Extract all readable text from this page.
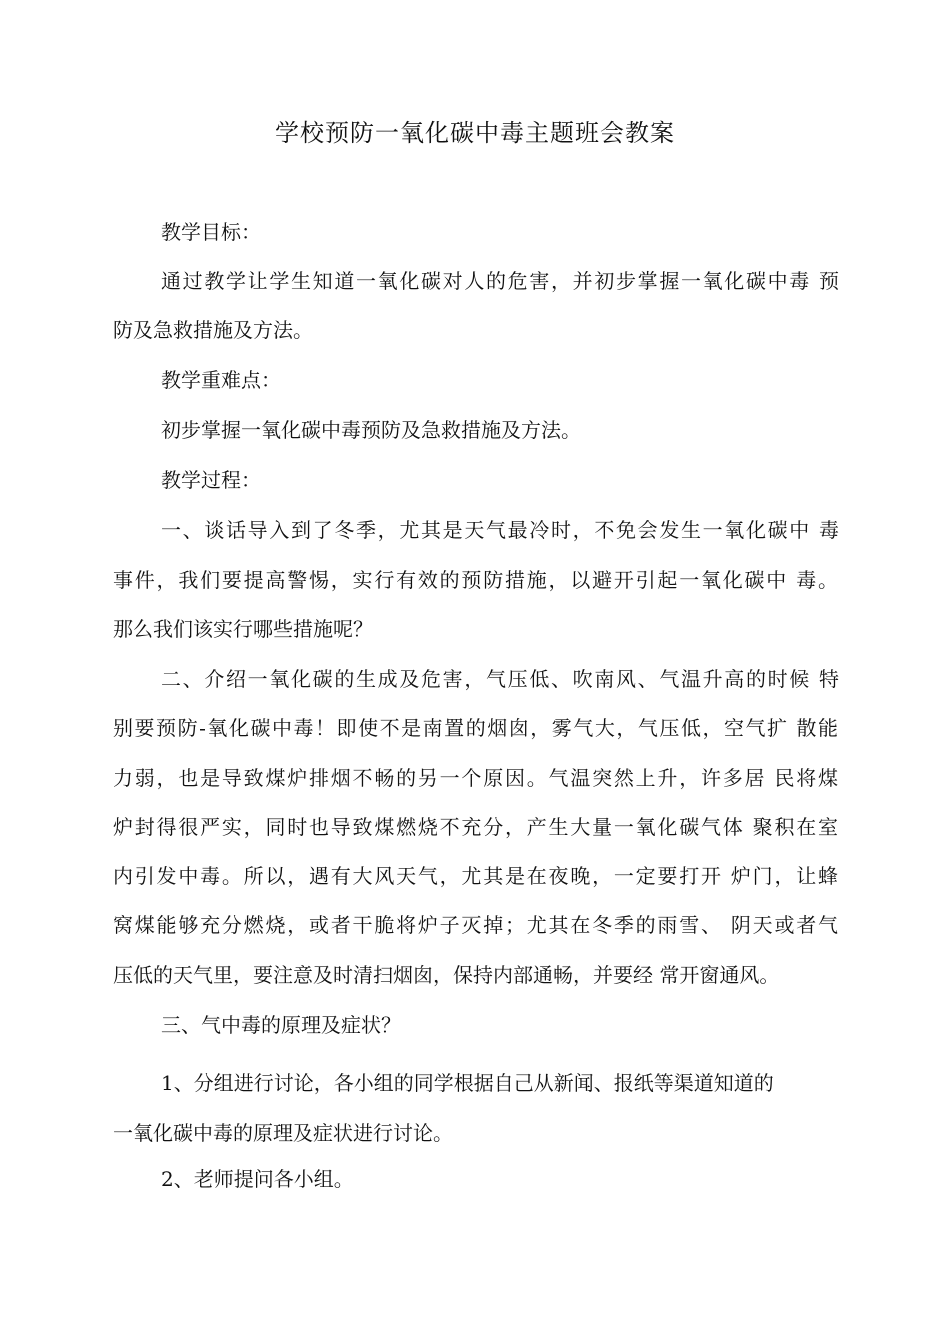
学校预防一氧化碳中毒主题班会教案
教学目标：
通过教学让学生知道一氧化碳对人的危害，并初步掌握一氧化碳中毒 预
防及急救措施及方法。
教学重难点：
初步掌握一氧化碳中毒预防及急救措施及方法。
教学过程：
一、谈话导入到了冬季，尤其是天气最冷时，不免会发生一氧化碳中 毒
事件，我们要提高警惕，实行有效的预防措施，以避开引起一氧化碳中 毒。
那么我们该实行哪些措施呢？
二、介绍一氧化碳的生成及危害，气压低、吹南风、气温升高的时候 特
别要预防-氧化碳中毒！即使不是南置的烟囱，雾气大，气压低，空气扩 散能
力弱，也是导致煤炉排烟不畅的另一个原因。气温突然上升，许多居 民将煤
炉封得很严实，同时也导致煤燃烧不充分，产生大量一氧化碳气体 聚积在室
内引发中毒。所以，遇有大风天气，尤其是在夜晚，一定要打开 炉门，让蜂
窝煤能够充分燃烧，或者干脆将炉子灭掉；尤其在冬季的雨雪、 阴天或者气
压低的天气里，要注意及时清扫烟囱，保持内部通畅，并要经 常开窗通风。
三、气中毒的原理及症状？
1、分组进行讨论，各小组的同学根据自己从新闻、报纸等渠道知道的
一氧化碳中毒的原理及症状进行讨论。
2、老师提问各小组。
